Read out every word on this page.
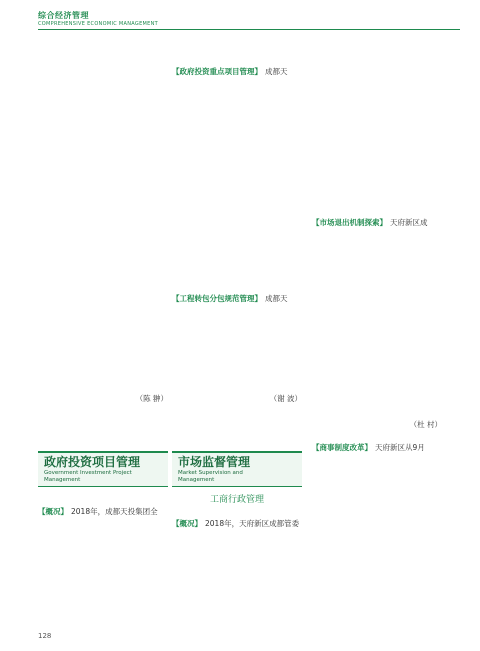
综合经济管理
COMPREHENSIVE ECONOMIC MANAGEMENT
（陈 翀）
【政府投资重点项目管理】 成都天
【工程转包分包规范管理】 成都天
（谢 波）
【市场退出机制探索】 天府新区成
（杜 村）
【商事制度改革】 天府新区从9月
政府投资项目管理
Government Investment Project
Management
市场监督管理
Market Supervision and
Management
工商行政管理
【概况】 2018年，成都天投集团全
【概况】 2018年，天府新区成都管委
128
